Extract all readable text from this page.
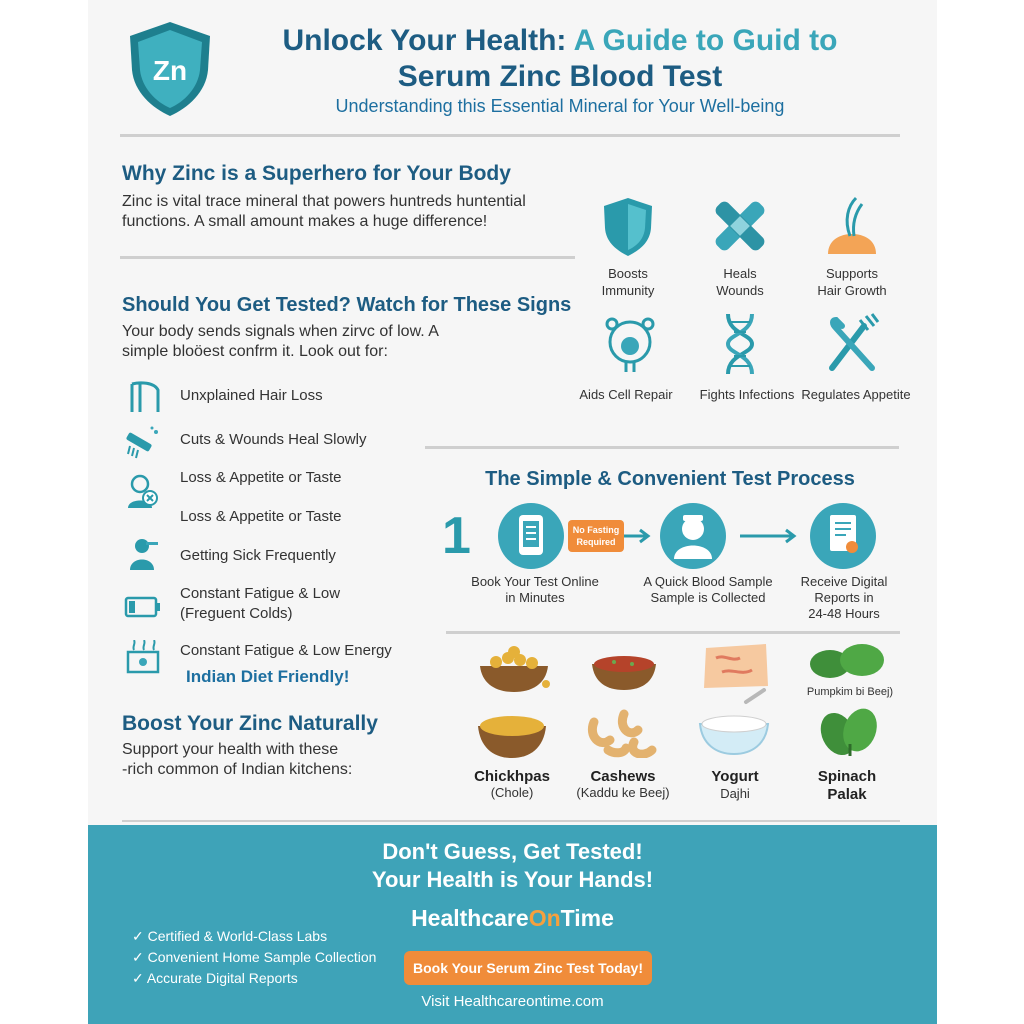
Zn
Unlock Your Health: A Guide to Guid to
Serum Zinc Blood Test
Understanding this Essential Mineral for Your Well-being
Why Zinc is a Superhero for Your Body
Zinc is vital trace mineral that powers huntreds huntential
functions. A small amount makes a huge difference!
Boosts
Immunity
Heals
Wounds
Supports
Hair Growth
Aids Cell Repair	Fights Infections Regulates Appetite
Should You Get Tested? Watch for These Signs
Your body sends signals when zirvc of low. A
simple bloöest confrm it. Look out for:
Unxplained Hair Loss
Cuts & Wounds Heal Slowly
Loss & Appetite or Taste
Loss & Appetite or Taste
Getting Sick Frequently
Constant Fatigue & Low
(Freguent Colds)
Constant Fatigue & Low Energy
Indian Diet Friendly!
The Simple & Convenient Test Process
1	No Fasting
Required
Book Your Test Online
in Minutes
A Quick Blood Sample
Sample is Collected
Receive Digital
Reports in
24-48 Hours
Boost Your Zinc Naturally
Support your health with these
-rich common of Indian kitchens:
Pumpkim bi Beej)
Chickhpas
(Chole)
Cashews
(Kaddu ke Beej)
Yogurt
Dajhi
Spinach
Palak
Don't Guess, Get Tested!
Your Health is Your Hands!
HealthcareOnTime
✓ Certified & World-Class Labs
✓ Convenient Home Sample Collection
✓ Accurate Digital Reports
Book Your Serum Zinc Test Today!
Visit Healthcareontime.com
